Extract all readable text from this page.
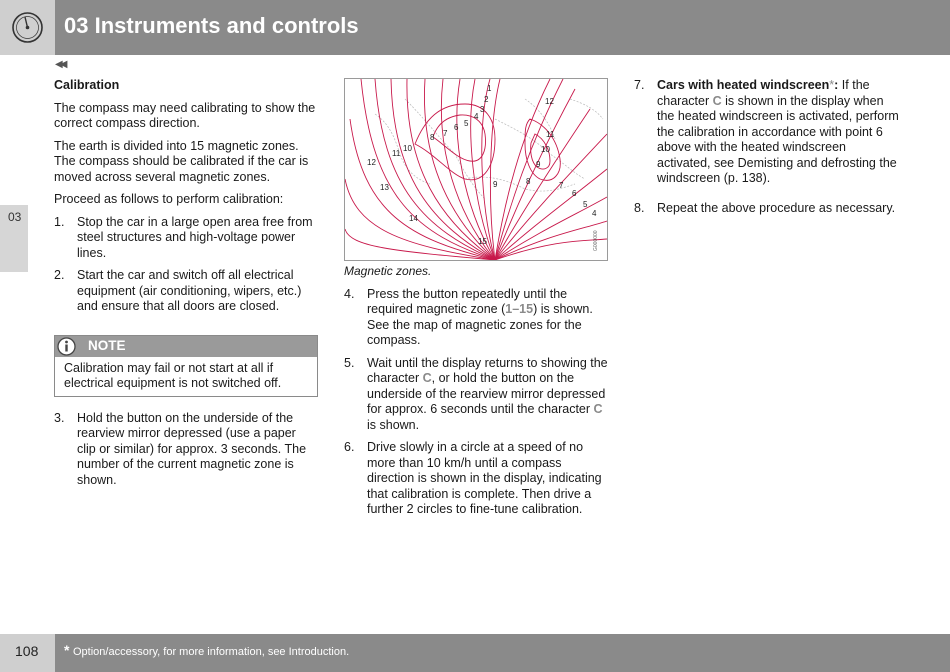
03 Instruments and controls
◀◀
03

Calibration

The compass may need calibrating to show the correct compass direction.

The earth is divided into 15 magnetic zones. The compass should be calibrated if the car is moved across several magnetic zones.

Proceed as follows to perform calibration:

1.	Stop the car in a large open area free from steel structures and high-voltage power lines.
2.	Start the car and switch off all electrical equipment (air conditioning, wipers, etc.) and ensure that all doors are closed.
NOTE
Calibration may fail or not start at all if electrical equipment is not switched off.
3.	Hold the button on the underside of the rearview mirror depressed (use a paper clip or similar) for approx. 3 seconds. The number of the current magnetic zone is shown.
1
2
3
4
5
6
7
8
9
10
11
12
13
14
15
12
11
10
9
8	7
6
5
4
G000000

Magnetic zones.

4.	Press the button repeatedly until the required magnetic zone (1–15) is shown. See the map of magnetic zones for the compass.
5.	Wait until the display returns to showing the character C, or hold the button on the underside of the rearview mirror depressed for approx. 6 seconds until the character C is shown.
6.	Drive slowly in a circle at a speed of no more than 10 km/h until a compass direction is shown in the display, indicating that calibration is complete. Then drive a further 2 circles to fine-tune calibration.
7.	Cars with heated windscreen*: If the character C is shown in the display when the heated windscreen is activated, perform the calibration in accordance with point 6 above with the heated windscreen activated, see Demisting and defrosting the windscreen (p. 138).
8.	Repeat the above procedure as necessary.
108 * Option/accessory, for more information, see Introduction.
